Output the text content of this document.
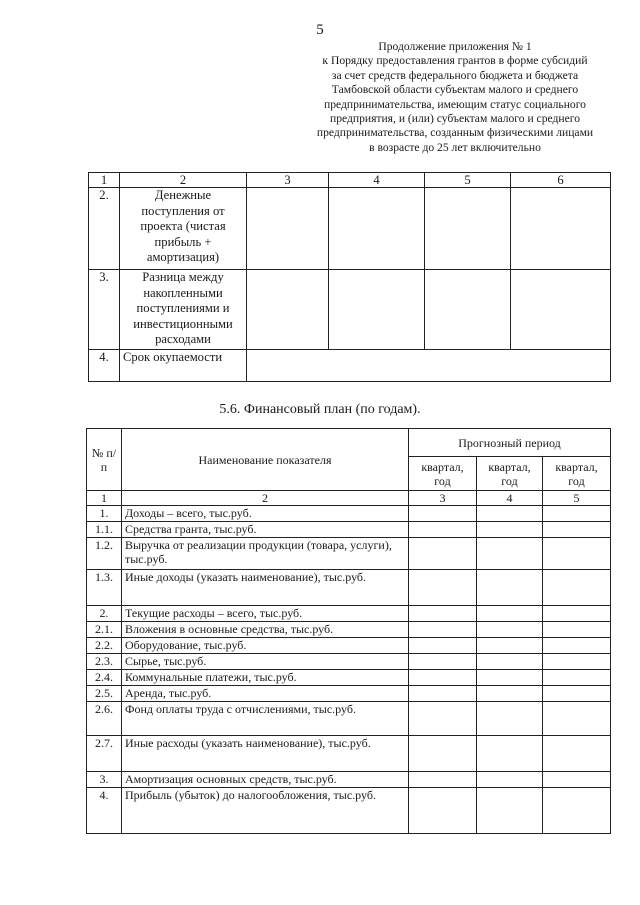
5
Продолжение приложения № 1
к Порядку предоставления грантов в форме субсидий
за счет средств федерального бюджета и бюджета
Тамбовской области субъектам малого и среднего
предпринимательства, имеющим статус социального
предприятия, и (или) субъектам малого и среднего
предпринимательства, созданным физическими лицами
в возрасте до 25 лет включительно
1	2	3	4	5	6
2.	Денежные поступления от проекта (чистая прибыль + амортизация)				
3.	Разница между накопленными поступлениями и инвестиционными расходами				
4.	Срок окупаемости				
5.6. Финансовый план (по годам).
№ п/п	Наименование показателя	Прогнозный период		
		квартал, год	квартал, год	квартал, год
1	2	3	4	5
1.	Доходы – всего, тыс.руб.			
1.1.	Средства гранта, тыс.руб.			
1.2.	Выручка от реализации продукции (товара, услуги), тыс.руб.			
1.3.	Иные доходы (указать наименование), тыс.руб.			
2.	Текущие расходы – всего, тыс.руб.			
2.1.	Вложения в основные средства, тыс.руб.			
2.2.	Оборудование, тыс.руб.			
2.3.	Сырье, тыс.руб.			
2.4.	Коммунальные платежи, тыс.руб.			
2.5.	Аренда, тыс.руб.			
2.6.	Фонд оплаты труда с отчислениями, тыс.руб.			
2.7.	Иные расходы (указать наименование), тыс.руб.			
3.	Амортизация основных средств, тыс.руб.			
4.	Прибыль (убыток) до налогообложения, тыс.руб.			
